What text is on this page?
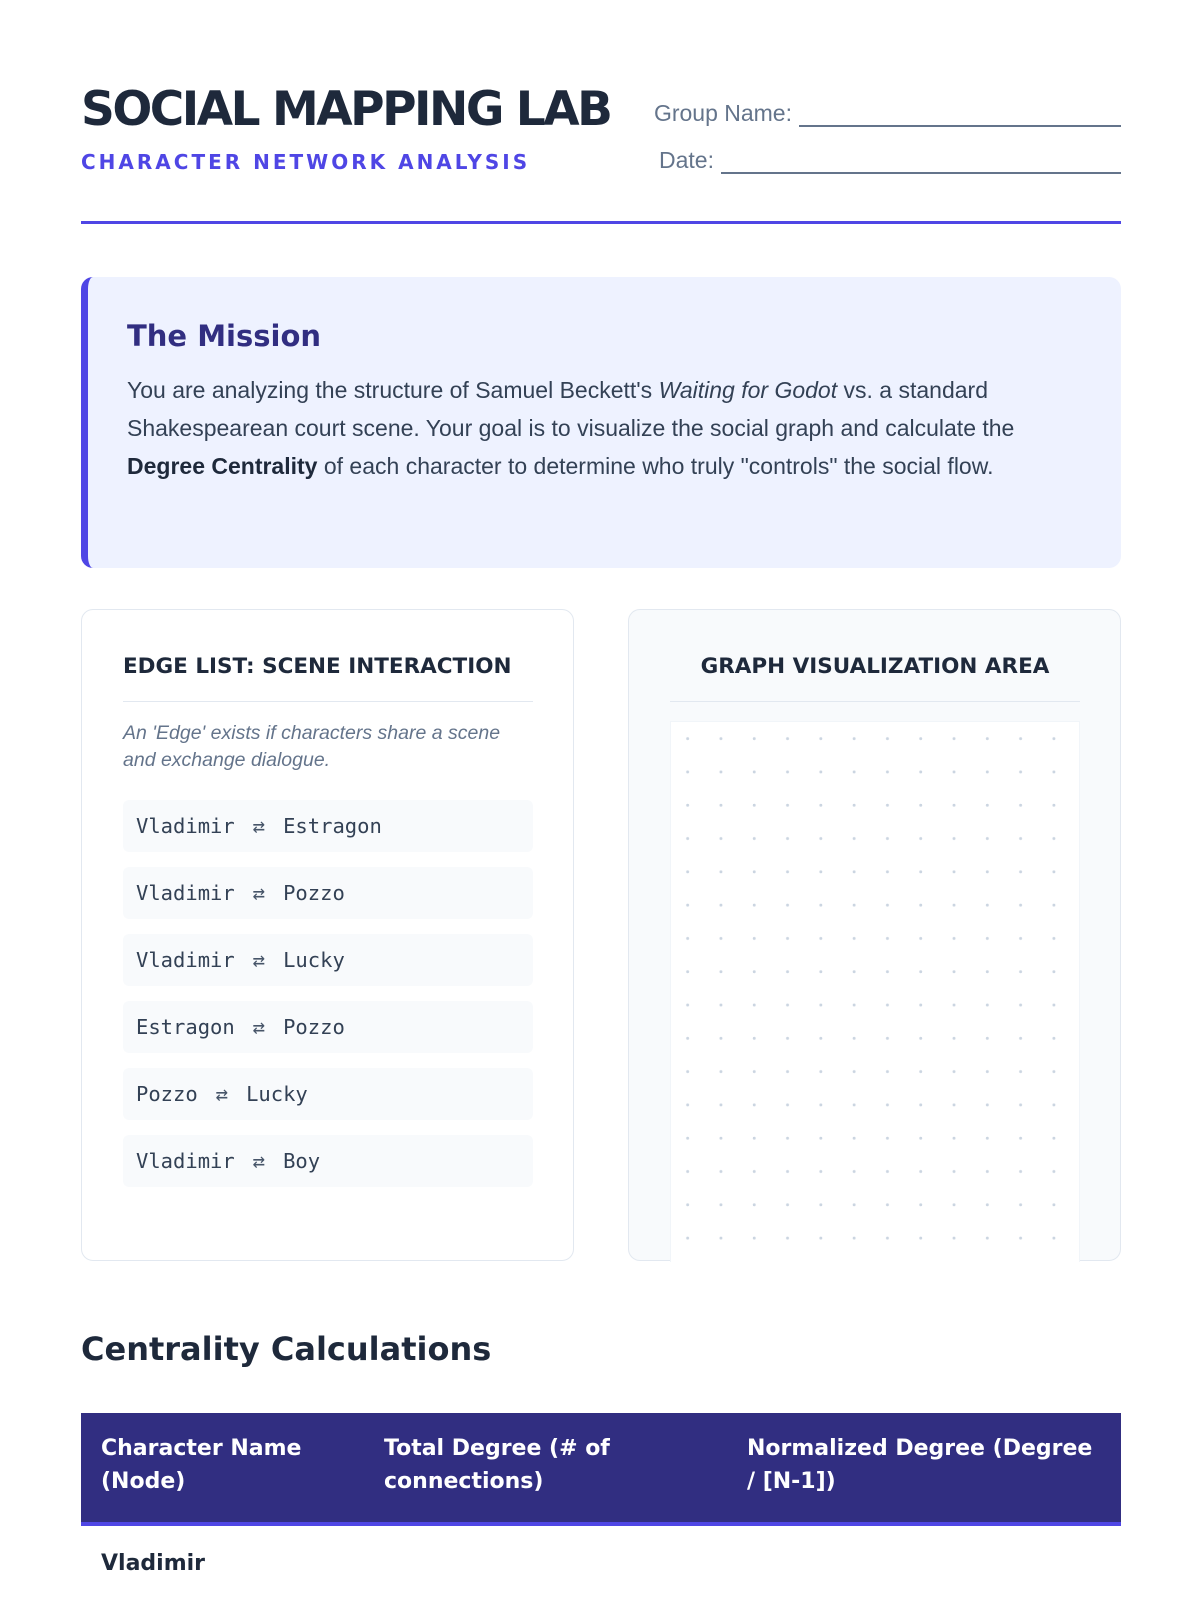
SOCIAL MAPPING LAB
CHARACTER NETWORK ANALYSIS
Group Name:
Date:
The Mission
You are analyzing the structure of Samuel Beckett's Waiting for Godot vs. a standard Shakespearean court scene. Your goal is to visualize the social graph and calculate the Degree Centrality of each character to determine who truly "controls" the social flow.
EDGE LIST: SCENE INTERACTION
An 'Edge' exists if characters share a scene and exchange dialogue.
Vladimir ⇄ Estragon
Vladimir ⇄ Pozzo
Vladimir ⇄ Lucky
Estragon ⇄ Pozzo
Pozzo ⇄ Lucky
Vladimir ⇄ Boy
GRAPH VISUALIZATION AREA
Centrality Calculations
Character Name (Node)	Total Degree (# of connections)	Normalized Degree (Degree / [N-1])
Vladimir		
